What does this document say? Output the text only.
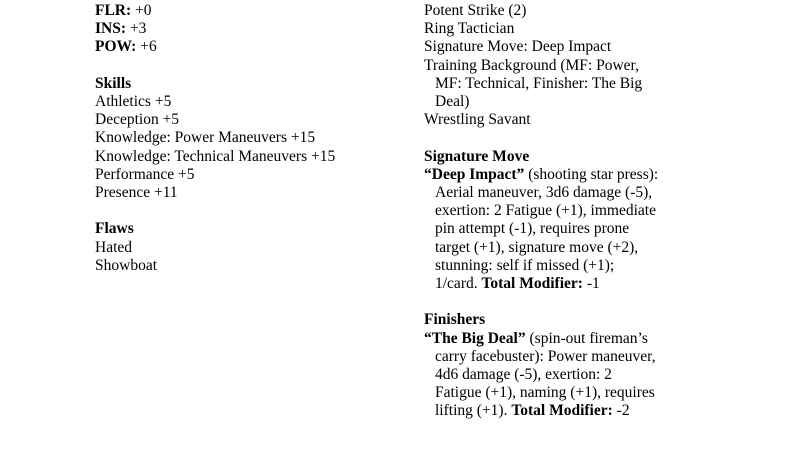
FLR: +0
INS: +3
POW: +6
Skills
Athletics +5
Deception +5
Knowledge: Power Maneuvers +15
Knowledge: Technical Maneuvers +15
Performance +5
Presence +11
Flaws
Hated
Showboat
Potent Strike (2)
Ring Tactician
Signature Move: Deep Impact
Training Background (MF: Power, MF: Technical, Finisher: The Big Deal)
Wrestling Savant
Signature Move
“Deep Impact” (shooting star press): Aerial maneuver, 3d6 damage (-5), exertion: 2 Fatigue (+1), immediate pin attempt (-1), requires prone target (+1), signature move (+2), stunning: self if missed (+1); 1/card. Total Modifier: -1
Finishers
“The Big Deal” (spin-out fireman’s carry facebuster): Power maneuver, 4d6 damage (-5), exertion: 2 Fatigue (+1), naming (+1), requires lifting (+1). Total Modifier: -2
